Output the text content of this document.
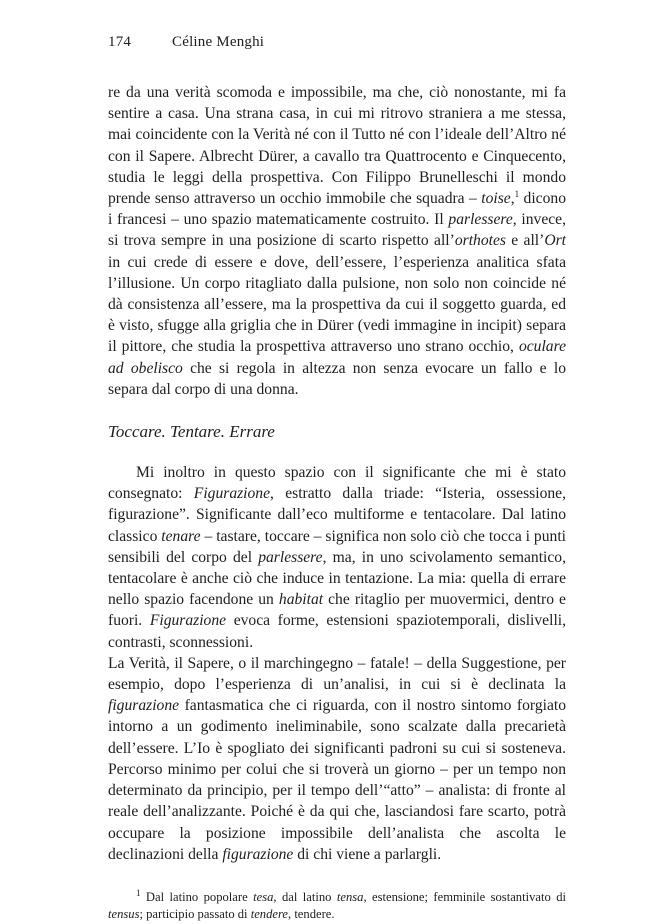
174	Céline Menghi

re da una verità scomoda e impossibile, ma che, ciò nonostante, mi fa sentire a casa. Una strana casa, in cui mi ritrovo straniera a me stessa, mai coincidente con la Verità né con il Tutto né con l’ideale dell’Altro né con il Sapere. Albrecht Dürer, a cavallo tra Quattrocento e Cinquecento, studia le leggi della prospettiva. Con Filippo Brunelleschi il mondo prende senso attraverso un occhio immobile che squadra – toise,$^1$ dicono i francesi – uno spazio matematicamente costruito. Il parlessere, invece, si trova sempre in una posizione di scarto rispetto all’orthotes e all’Ort in cui crede di essere e dove, dell’essere, l’esperienza analitica sfata l’illusione. Un corpo ritagliato dalla pulsione, non solo non coincide né dà consistenza all’essere, ma la prospettiva da cui il soggetto guarda, ed è visto, sfugge alla griglia che in Dürer (vedi immagine in incipit) separa il pittore, che studia la prospettiva attraverso uno strano occhio, oculare ad obelisco che si regola in altezza non senza evocare un fallo e lo separa dal corpo di una donna.

Toccare. Tentare. Errare

Mi inoltro in questo spazio con il significante che mi è stato consegnato: Figurazione, estratto dalla triade: “Isteria, ossessione, figurazione”. Significante dall’eco multiforme e tentacolare. Dal latino classico tenare – tastare, toccare – significa non solo ciò che tocca i punti sensibili del corpo del parlessere, ma, in uno scivolamento semantico, tentacolare è anche ciò che induce in tentazione. La mia: quella di errare nello spazio facendone un habitat che ritaglio per muovermici, dentro e fuori. Figurazione evoca forme, estensioni spaziotemporali, dislivelli, contrasti, sconnessioni.

La Verità, il Sapere, o il marchingegno – fatale! – della Suggestione, per esempio, dopo l’esperienza di un’analisi, in cui si è declinata la figurazione fantasmatica che ci riguarda, con il nostro sintomo forgiato intorno a un godimento ineliminabile, sono scalzate dalla precarietà dell’essere. L’Io è spogliato dei significanti padroni su cui si sosteneva. Percorso minimo per colui che si troverà un giorno – per un tempo non determinato da principio, per il tempo dell’“atto” – analista: di fronte al reale dell’analizzante. Poiché è da qui che, lasciandosi fare scarto, potrà occupare la posizione impossibile dell’analista che ascolta le declinazioni della figurazione di chi viene a parlargli.

$^1$ Dal latino popolare tesa, dal latino tensa, estensione; femminile sostantivato di tensus; participio passato di tendere, tendere.
